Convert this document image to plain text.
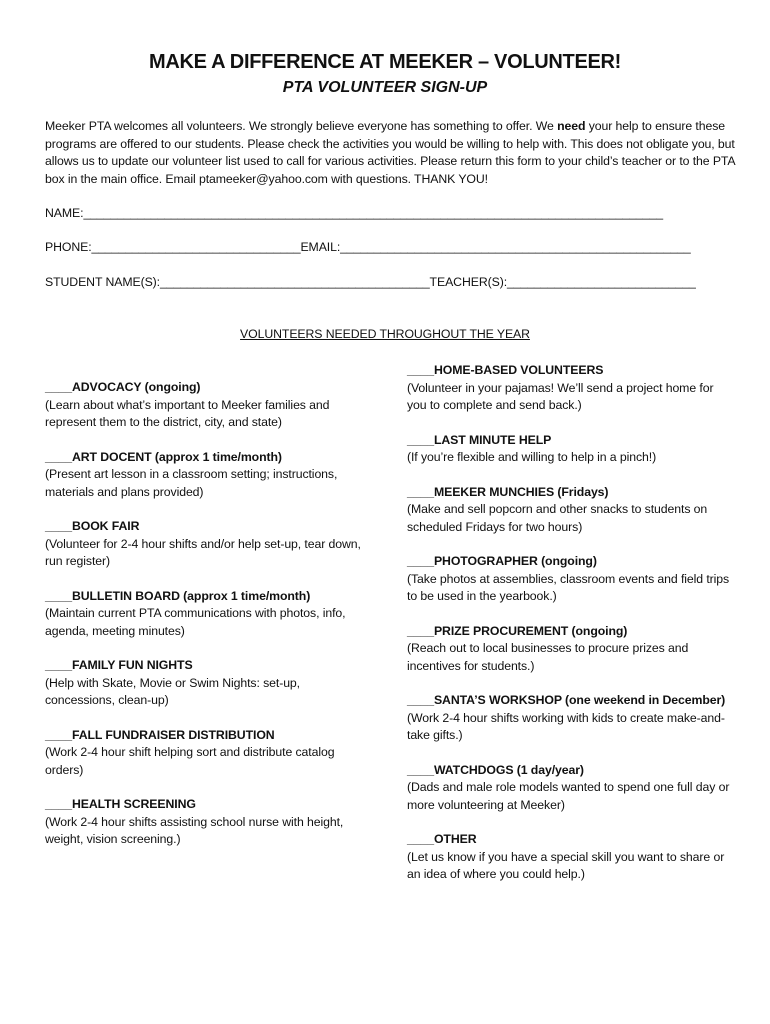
MAKE A DIFFERENCE AT MEEKER – VOLUNTEER!
PTA VOLUNTEER SIGN-UP
Meeker PTA welcomes all volunteers. We strongly believe everyone has something to offer. We need your help to ensure these programs are offered to our students. Please check the activities you would be willing to help with. This does not obligate you, but allows us to update our volunteer list used to call for various activities. Please return this form to your child’s teacher or to the PTA box in the main office. Email ptameeker@yahoo.com with questions. THANK YOU!
NAME:______________________________________________________________________________________
PHONE:_______________________________EMAIL:____________________________________________________
STUDENT NAME(S):________________________________________TEACHER(S):____________________________
VOLUNTEERS NEEDED THROUGHOUT THE YEAR
____ADVOCACY (ongoing)
(Learn about what’s important to Meeker families and represent them to the district, city, and state)
____ART DOCENT (approx 1 time/month)
(Present art lesson in a classroom setting; instructions, materials and plans provided)
____BOOK FAIR
(Volunteer for 2-4 hour shifts and/or help set-up, tear down, run register)
____BULLETIN BOARD (approx 1 time/month)
(Maintain current PTA communications with photos, info, agenda, meeting minutes)
____FAMILY FUN NIGHTS
(Help with Skate, Movie or Swim Nights: set-up, concessions, clean-up)
____FALL FUNDRAISER DISTRIBUTION
(Work 2-4 hour shift helping sort and distribute catalog orders)
____HEALTH SCREENING
(Work 2-4 hour shifts assisting school nurse with height, weight, vision screening.)
____HOME-BASED VOLUNTEERS
(Volunteer in your pajamas! We’ll send a project home for you to complete and send back.)
____LAST MINUTE HELP
(If you’re flexible and willing to help in a pinch!)
____MEEKER MUNCHIES (Fridays)
(Make and sell popcorn and other snacks to students on scheduled Fridays for two hours)
____PHOTOGRAPHER (ongoing)
(Take photos at assemblies, classroom events and field trips to be used in the yearbook.)
____PRIZE PROCUREMENT (ongoing)
(Reach out to local businesses to procure prizes and incentives for students.)
____SANTA’S WORKSHOP (one weekend in December)
(Work 2-4 hour shifts working with kids to create make-and-take gifts.)
____WATCHDOGS (1 day/year)
(Dads and male role models wanted to spend one full day or more volunteering at Meeker)
____OTHER
(Let us know if you have a special skill you want to share or an idea of where you could help.)
